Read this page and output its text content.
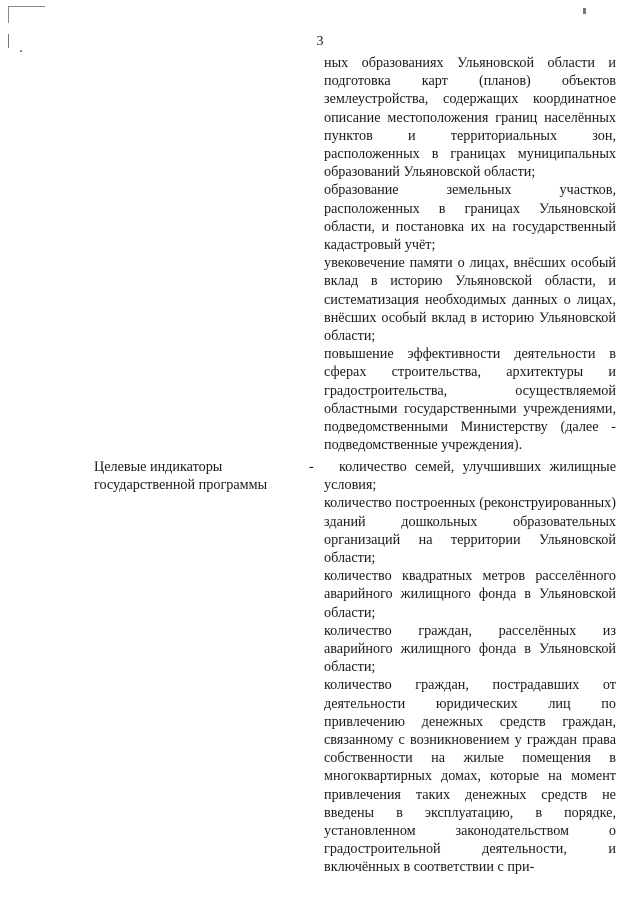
3

ных образованиях Ульяновской области и подготовка карт (планов) объектов землеустройства, содержащих координатное описание местоположения границ населённых пунктов и территориальных зон, расположенных в границах муниципальных образований Ульяновской области;

образование земельных участков, расположенных в границах Ульяновской области, и постановка их на государственный кадастровый учёт;

увековечение памяти о лицах, внёсших особый вклад в историю Ульяновской области, и систематизация необходимых данных о лицах, внёсших особый вклад в историю Ульяновской области;

повышение эффективности деятельности в сферах строительства, архитектуры и градостроительства, осуществляемой областными государственными учреждениями, подведомственными Министерству (далее - подведомственные учреждения).

Целевые индикаторы государственной программы
-	количество семей, улучшивших жилищные условия;

количество построенных (реконструированных) зданий дошкольных образовательных организаций на территории Ульяновской области;

количество квадратных метров расселённого аварийного жилищного фонда в Ульяновской области;

количество граждан, расселённых из аварийного жилищного фонда в Ульяновской области;

количество граждан, пострадавших от деятельности юридических лиц по привлечению денежных средств граждан, связанному с возникновением у граждан права собственности на жилые помещения в многоквартирных домах, которые на момент привлечения таких денежных средств не введены в эксплуатацию, в порядке, установленном законодательством о градостроительной деятельности, и включённых в соответствии с при-
